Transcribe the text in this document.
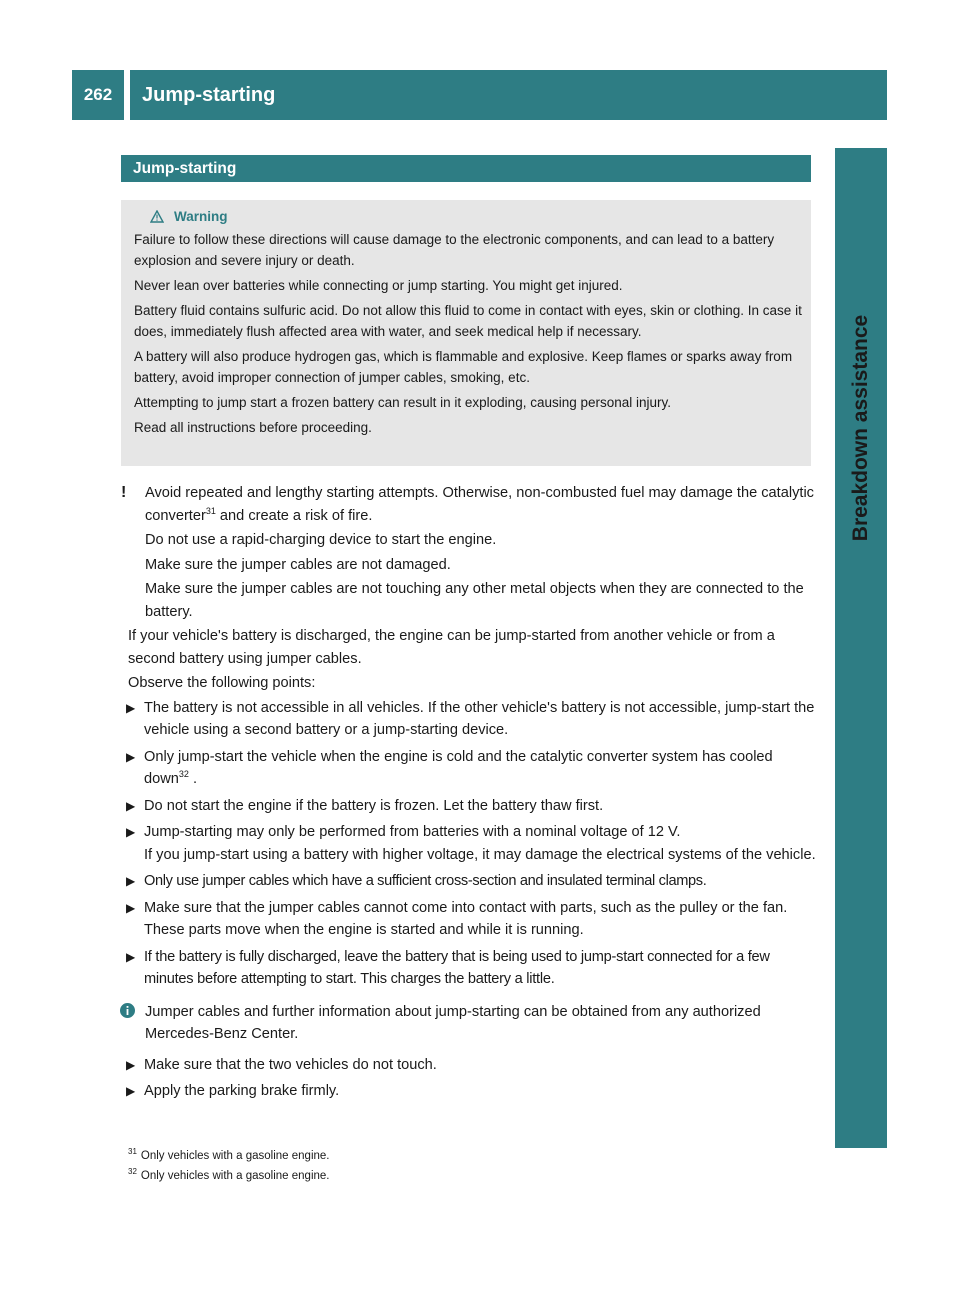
262	Jump-starting
Breakdown assistance
Jump-starting
Warning

Failure to follow these directions will cause damage to the electronic components, and can lead to a battery explosion and severe injury or death.

Never lean over batteries while connecting or jump starting. You might get injured.

Battery fluid contains sulfuric acid. Do not allow this fluid to come in contact with eyes, skin or clothing. In case it does, immediately flush affected area with water, and seek medical help if necessary.

A battery will also produce hydrogen gas, which is flammable and explosive. Keep flames or sparks away from battery, avoid improper connection of jumper cables, smoking, etc.

Attempting to jump start a frozen battery can result in it exploding, causing personal injury.

Read all instructions before proceeding.

! Avoid repeated and lengthy starting attempts. Otherwise, non-combusted fuel may damage the catalytic converter$^{31}$ and create a risk of fire.

Do not use a rapid-charging device to start the engine.

Make sure the jumper cables are not damaged.

Make sure the jumper cables are not touching any other metal objects when they are connected to the battery.

If your vehicle's battery is discharged, the engine can be jump-started from another vehicle or from a second battery using jumper cables.

Observe the following points:

▶ The battery is not accessible in all vehicles. If the other vehicle's battery is not accessible, jump-start the vehicle using a second battery or a jump-starting device.
▶ Only jump-start the vehicle when the engine is cold and the catalytic converter system has cooled down$^{32}$ .
▶ Do not start the engine if the battery is frozen. Let the battery thaw first.
▶ Jump-starting may only be performed from batteries with a nominal voltage of 12 V.
If you jump-start using a battery with higher voltage, it may damage the electrical systems of the vehicle.
▶ Only use jumper cables which have a sufficient cross-section and insulated terminal clamps.
▶ Make sure that the jumper cables cannot come into contact with parts, such as the pulley or the fan. These parts move when the engine is started and while it is running.
▶ If the battery is fully discharged, leave the battery that is being used to jump-start connected for a few minutes before attempting to start. This charges the battery a little.
Jumper cables and further information about jump-starting can be obtained from any authorized Mercedes-Benz Center.
▶ Make sure that the two vehicles do not touch.
▶ Apply the parking brake firmly.
$^{31}$ Only vehicles with a gasoline engine.
$^{32}$ Only vehicles with a gasoline engine.
